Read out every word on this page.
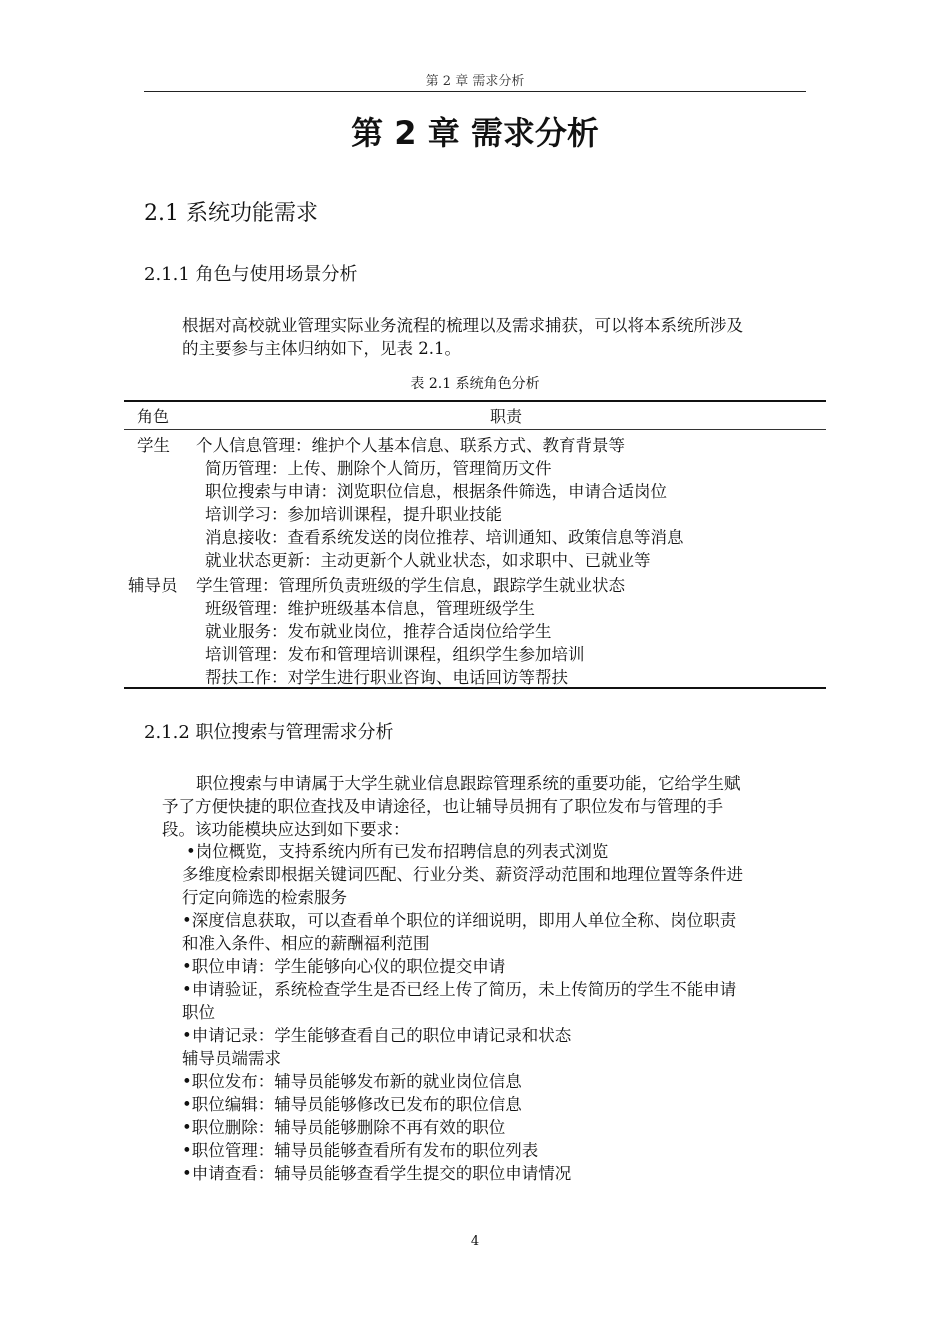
第 2 章 需求分析
第 2 章 需求分析
2.1 系统功能需求
2.1.1 角色与使用场景分析
根据对高校就业管理实际业务流程的梳理以及需求捕获，可以将本系统所涉及
的主要参与主体归纳如下，见表 2.1。
表 2.1 系统角色分析
角色	职责
学生 个人信息管理：维护个人基本信息、联系方式、教育背景等
简历管理：上传、删除个人简历，管理简历文件
职位搜索与申请：浏览职位信息，根据条件筛选，申请合适岗位
培训学习：参加培训课程，提升职业技能
消息接收：查看系统发送的岗位推荐、培训通知、政策信息等消息
就业状态更新：主动更新个人就业状态，如求职中、已就业等
辅导员 学生管理：管理所负责班级的学生信息，跟踪学生就业状态
班级管理：维护班级基本信息，管理班级学生
就业服务：发布就业岗位，推荐合适岗位给学生
培训管理：发布和管理培训课程，组织学生参加培训
帮扶工作：对学生进行职业咨询、电话回访等帮扶
2.1.2 职位搜索与管理需求分析
职位搜索与申请属于大学生就业信息跟踪管理系统的重要功能，它给学生赋
予了方便快捷的职位查找及申请途径，也让辅导员拥有了职位发布与管理的手
段。该功能模块应达到如下要求：
•岗位概览，支持系统内所有已发布招聘信息的列表式浏览
多维度检索即根据关键词匹配、行业分类、薪资浮动范围和地理位置等条件进
行定向筛选的检索服务
•深度信息获取，可以查看单个职位的详细说明，即用人单位全称、岗位职责
和准入条件、相应的薪酬福利范围
•职位申请：学生能够向心仪的职位提交申请
•申请验证，系统检查学生是否已经上传了简历，未上传简历的学生不能申请
职位
•申请记录：学生能够查看自己的职位申请记录和状态
辅导员端需求
•职位发布：辅导员能够发布新的就业岗位信息
•职位编辑：辅导员能够修改已发布的职位信息
•职位删除：辅导员能够删除不再有效的职位
•职位管理：辅导员能够查看所有发布的职位列表
•申请查看：辅导员能够查看学生提交的职位申请情况
4
